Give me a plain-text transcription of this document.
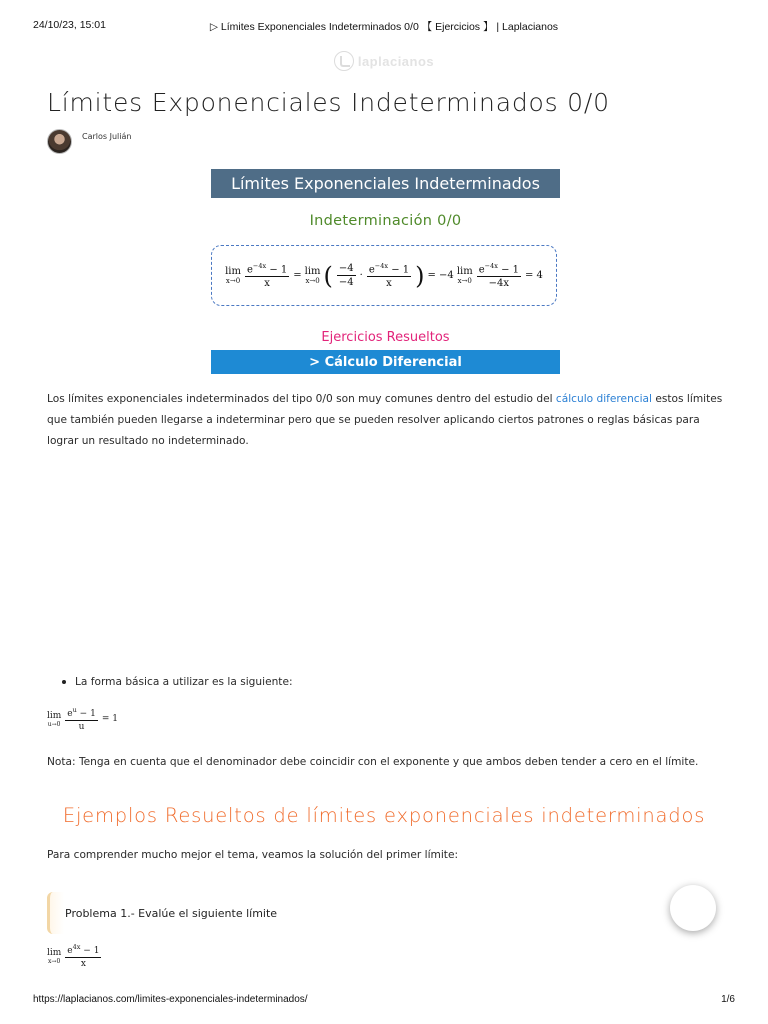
24/10/23, 15:01	▷ Límites Exponenciales Indeterminados 0/0 【 Ejercicios 】 | Laplacianos
laplacianos
Límites Exponenciales Indeterminados 0/0
Carlos Julián
Límites Exponenciales Indeterminados
Indeterminación 0/0
lim
$x\to 0 \frac{e^{-4x} - 1}{x} = \lim$
x→0 ( −4
−4
·
$e^{-4x} - 1$
x ) = −4 lim
$x\to 0 \frac{e^{-4x} - 1}{-4x} = 4$
Ejercicios Resueltos
> Cálculo Diferencial

Los límites exponenciales indeterminados del tipo 0/0 son muy comunes dentro del estudio del cálculo diferencial estos límites que también pueden llegarse a indeterminar pero que se pueden resolver aplicando ciertos patrones o reglas básicas para lograr un resultado no indeterminado.

La forma básica a utilizar es la siguiente:
lim
$u\to 0 \frac{e^u - 1}{u} = 1$

Nota: Tenga en cuenta que el denominador debe coincidir con el exponente y que ambos deben tender a cero en el límite.

Ejemplos Resueltos de límites exponenciales indeterminados

Para comprender mucho mejor el tema, veamos la solución del primer límite:

Problema 1.- Evalúe el siguiente límite
lim
x→0
$e^{4x} - 1$
x
https://laplacianos.com/limites-exponenciales-indeterminados/	1/6
